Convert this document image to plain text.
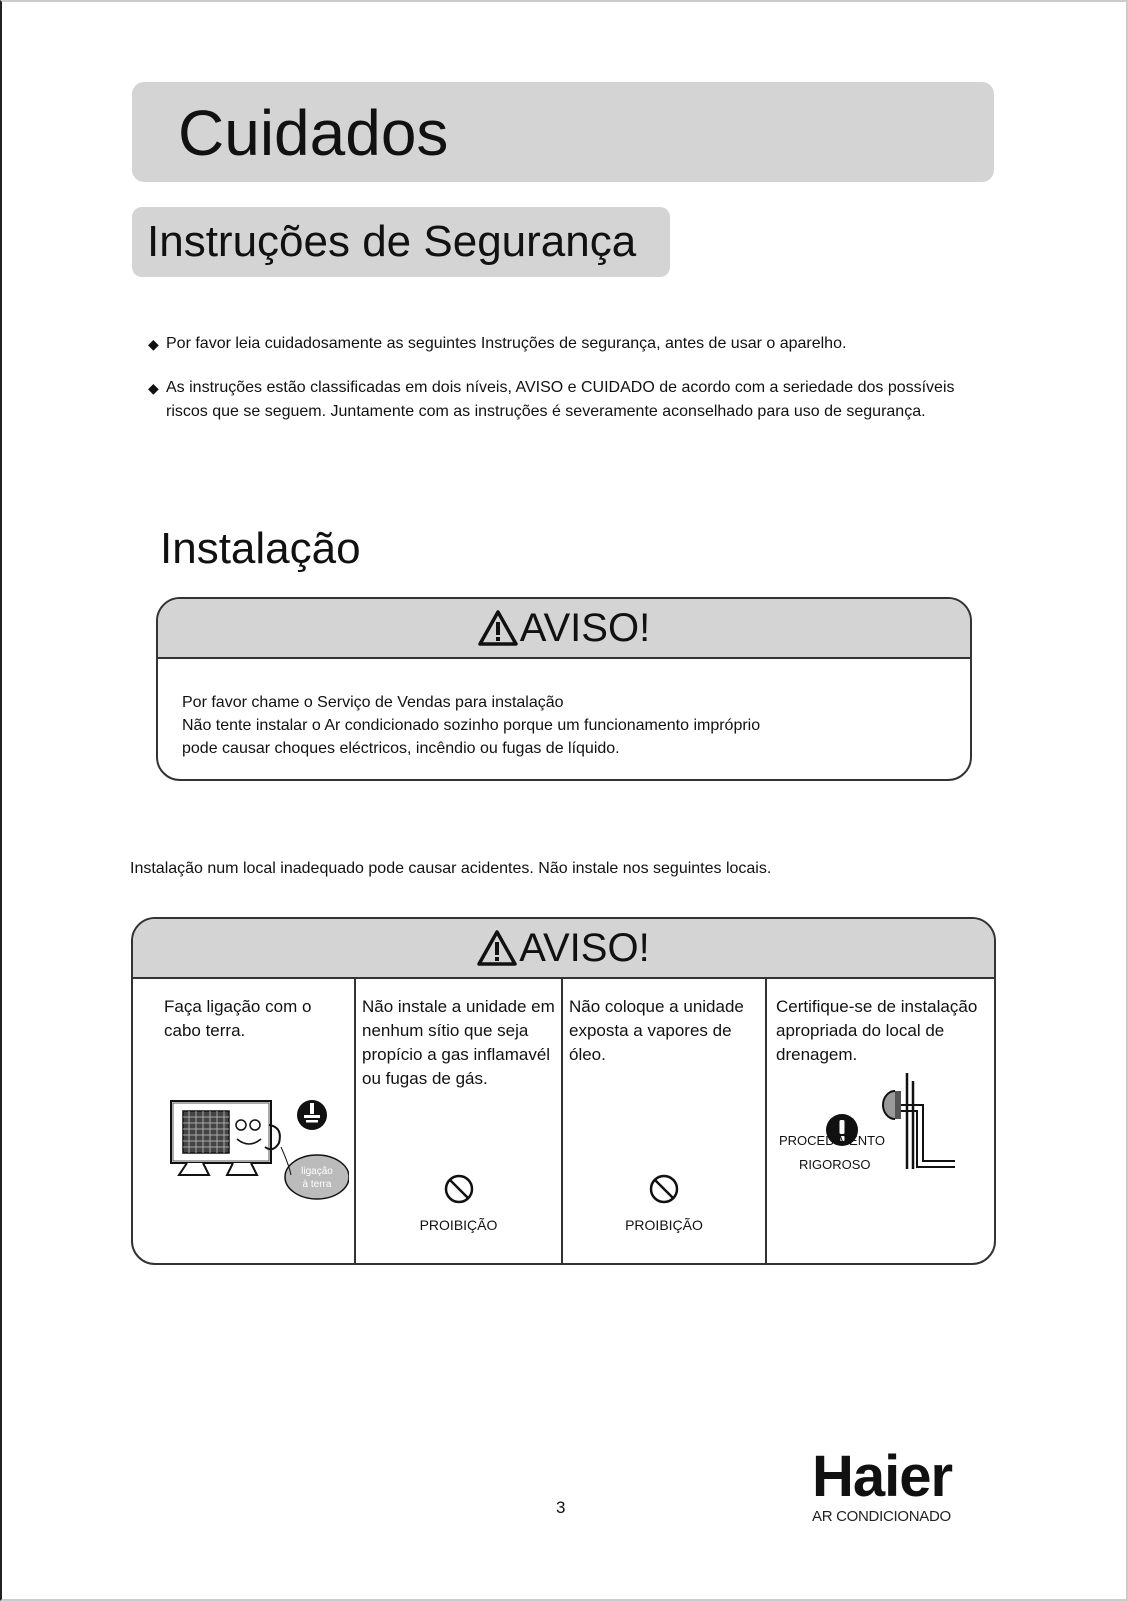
Cuidados
Instruções de Segurança
◆ Por favor leia cuidadosamente as seguintes Instruções de segurança, antes de usar o aparelho.
◆ As instruções estão classificadas em dois níveis, AVISO e CUIDADO de acordo com a seriedade dos possíveis riscos que se seguem. Juntamente com as instruções é severamente aconselhado para uso de segurança.
Instalação
AVISO!
Por favor chame o Serviço de Vendas para instalação
Não tente instalar o Ar condicionado sozinho porque um funcionamento impróprio
pode causar choques eléctricos, incêndio ou fugas de líquido.
Instalação num local inadequado pode causar acidentes. Não instale nos seguintes locais.
AVISO!
Faça ligação com o cabo terra.
ligação
à terra
Não instale a unidade em nenhum sítio que seja propício a gas inflamavél ou fugas de gás.
PROIBIÇÃO
Não coloque a unidade exposta a vapores de óleo.
PROIBIÇÃO
Certifique-se de instalação apropriada do local de drenagem.
PROCEDIMENTO
RIGOROSO
3	Haier
AR CONDICIONADO
